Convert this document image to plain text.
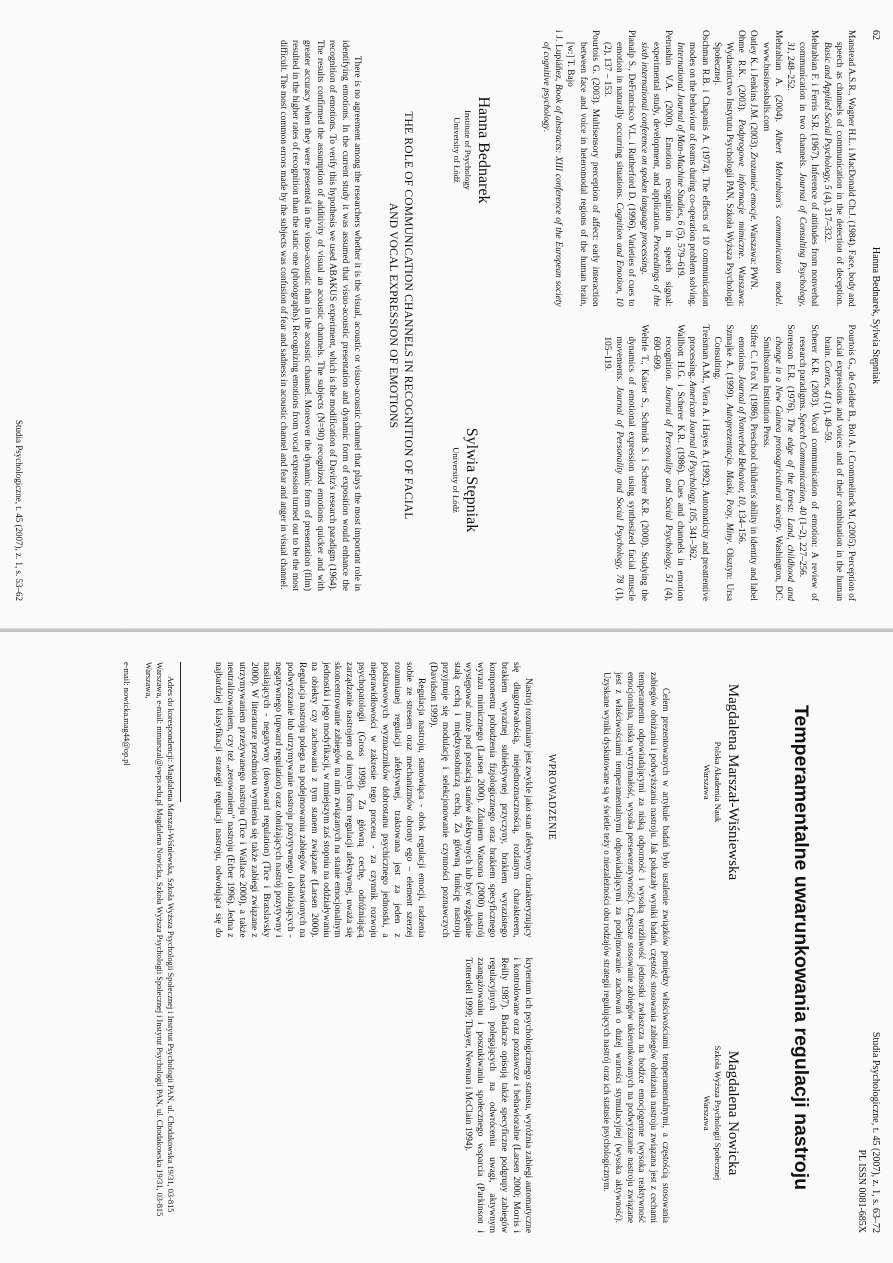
62
Hanna Bednarek, Sylwia Stępniak

Manstead A.S.R., Wagner H.L. i MacDonald Ch.J. (1984). Face, body and speech as channels of communication in the detection of deception. Basic and Applied Social Psychology, 5 (4), 317–332.

Mehrabian F. i Ferris S.R. (1967). Inference of attitudes from nonverbal communication in two channels. Journal of Consulting Psychology, 31, 248–252.

Mehrabian A. (2004). Albert Mehrabian's communication model. www.businessballs.com

Oatley K. i Jenkins J.M. (2003). Zrozumieć emocje. Warszawa: PWN.

Ohme R.K. (2003). Podprogowe informacje mimiczne. Warszawa: Wydawnictwo Instytutu Psychologii PAN, Szkoła Wyższa Psychologii Społecznej.

Oschman R.B. i Chapanis A. (1974). The effects of 10 communication modes on the behaviour of teams during co-operation problem solving. International Journal of Man-Machine Studies, 6 (5), 579–619.

Petrushin V.A. (2000). Emotion recognition in speech signal: experimental study, development, and application. Proceedings of the sixth international conference on spoken language processing.

Planalp S., DeFrancisco V.L. i Rutherford D. (1996). Varieties of cues to emotion in naturally occurring situations. Cognition and Emotion, 10 (2), 137 – 153.

Pourtois G. (2003). Multisensory perception of affect: early interaction between face and voice in heteromodal regions of the human brain, [w:] T. Bajo

i J. Lupiáñez, Book of abstracts: XIII conference of the European society of cognitive psychology.

Pourtois G., de Gelder B., Bol A. i Crommelinck M. (2005). Perception of facial expressions and voices and of their combination in the human brain. Cortex, 41 (1), 49–59.

Scherer K.R. (2003). Vocal communication of emotion: A review of research paradigms. Speech Communication, 40 (1–2), 227–256.

Sorenson E.R. (1976). The edge of the forest: Land, childhood and change in a New Guinea protoagricultural society. Washington, DC: Smithsonian Institution Press.

Stifter C. i Fox N. (1986). Preschool children's ability in identity and label emotions. Journal of Nonverbal Behavior, 10, 134–156.

Szmajke A. (1999). Autoprezentacja. Maski, Pozy, Miny. Olsztyn: Ursa Consulting.

Treisman A.M., Viera A. i Hayes A. (1992). Automaticity and preattentive processing. American Journal of Psychology, 105, 341–362.

Wallbott H.G. i Scherer K.R. (1986). Cues and channels in emotion recognition. Journal of Personality and Social Psychology, 51 (4), 690–699.

Wehrle T., Kaiser S., Schmidt S. i Scherer K.R. (2000). Studying the dynamics of emotional expression using synthesized facial muscle movements. Journal of Personality and Social Psychology, 78 (1), 105–119.

Hanna Bednarek
Institute of Psychology
University of Łódź
Sylwia Stępniak
University of Łódź
THE ROLE OF COMMUNICATION CHANNELS IN RECOGNITION OF FACIAL
AND VOCAL EXPRESSION OF EMOTIONS

There is no agreement among the researchers whether it is the visual, acoustic or visuo-acoustic channel that plays the most important role in identifying emotions. In the current study it was assumed that visuo-acoustic presentation and dynamic form of exposition would enhance the recognition of emotions. To verify this hypothesis we used ABAKUS experiment, which is the modification of Davitz's research paradigm (1964). The results confirmed the assumption of additivity of visual an acoustic channels. The subjects (N=90) recognized emotions quicker and with greater accuracy when they were presented in the visuo-acoustic than in the acoustic channel. Moreover the dynamic form of presentation (film) resulted in the higher rates of recognition than the static one (photographs). Recognizing emotions from vocal expression turned out to be the most difficult. The most common errors made by the subjects was confusion of fear and sadness in acoustic channel and fear and anger in visual channel.

Studia Psychologiczne, t. 45 (2007), z. 1, s. 53–62
Studia Psychologiczne, t. 45 (2007), z. 1, s. 63–72
PL ISSN 0081-685X
Temperamentalne uwarunkowania regulacji nastroju
Magdalena Marszał-Wiśniewska
Polska Akademia Nauk
Warszawa
Magdalena Nowicka
Szkoła Wyższa Psychologii Społecznej
Warszawa

Celem prezentowanych w artykule badań było ustalenie związków pomiędzy właściwościami temperamentalnymi, a częstością stosowania zabiegów obniżania i podwyższania nastroju. Jak pokazały wyniki badań, częstość stosowania zabiegów obniżania nastroju związana jest z cechami temperamentu odpowiadającymi za niską odporność i wysoką wrażliwość jednostki zwłaszcza na bodźce emocjogenne (wysoka reaktywność emocjonalna, niska wytrzymałość, wysoka perseweratywność). Częstsze stosowanie zabiegów ukierunkowanych na podwyższanie nastroju związane jest z właściwościami temperamentalnymi odpowiadającymi za podejmowanie zachowań o dużej wartości stymulacyjnej (wysoka aktywność). Uzyskane wyniki dyskutowane są w świetle teży o niezależności obu rodzajów strategii regulujących nastrój oraz ich statusie psychologicznym.

WPROWADZENIE

Nastrój rozumiany jest zwykle jako stan afektywny charakteryzujący się długotrwałością, niejednoznacznością, rozlanym charakterem, brakiem wyraźnej subiektywnej przyczyny, brakiem wyrazistego komponentu pobudzenia fizjologicznego oraz brakiem specyficznego wyrazu mimicznego (Larsen 2000). Zdaniem Watsona (2000) nastrój występować może pod postacią stanów afektywnych lub być względnie stałą cechą i międzyosobniczą cechą. Za główną funkcję nastroju przyjmuje się modulację i selekcjonowanie czynności poznawczych (Davidson 1999).

Regulacja nastroju, stanowiąca - obok regulacji emocji, radzenia sobie ze stresem oraz mechanizmów obrony ego – element szerzej rozumianej regulacji afektywnej, traktowana jest za jeden z podstawowych wyznaczników dobrostanu psychicznego jednostki, a nieprawidłowości w zakresie tego procesu - za czynnik rozwoju psychopatologii (Gross 1998). Za główną cechę, odróżniającą zarządzanie nastrojem od innych form regulacji afektywnej, uważa się skoncentrowanie zabiegów na nim związanych na stanie emocjonalnym jednostki i jego modyfikacji, w mniejszym zaś stopniu na oddziaływaniu na obiekty czy zachowania z tym stanem związane (Larsen 2000). Regulacja nastroju polega na podejmowaniu zabiegów nastawionych na podwyższanie lub utrzymywanie nastroju pozytywnego i obniżających - negatywnego (upward regulation) oraz obniżających nastrój pozytywny i nasilających - negatywny (downward regulation) (Tice i Bratslavsky 2000). W literaturze przedmiotu wymienia się także zabiegi związane z utrzymywaniem przeżywanego nastroju (Tice i Wallace 2000), a także neutralizowaniem, czy też „zerowaniem” nastroju (Erber 1996). Jedna z najbardziej klasyfikacji strategii regulacji nastroju, odwołująca się do kryterium ich psychologicznego statusu, wyróżnia zabiegi automatyczne i kontrolowane oraz poznawcze i behawioralne (Larsen 2000; Morris i Reilly 1987). Badacze opisują także specyficzne podgrupy zabiegów regulacyjnych polegających na odwróceniu uwagi, aktywnym zaangażowaniu i poszukiwaniu społecznego wsparcia (Parkinson i Totterdell 1999; Thayer, Newman i McClain 1994).

Adres do korespondencji: Magdalena Marszał-Wiśniewska, Szkoła Wyższa Psychologii Społecznej i Instytut Psychologii PAN, ul. Chodakowska 19/31, 03-815 Warszawa, e-mail: mmarszal@swps.edu.pl Magdalena Nowicka, Szkoła Wyższa Psychologii Społecznej i Instytut Psychologii PAN, ul. Chodakowska 19/31, 03-815 Warszawa,

e-mail: nowicka.mag44@op.pl
